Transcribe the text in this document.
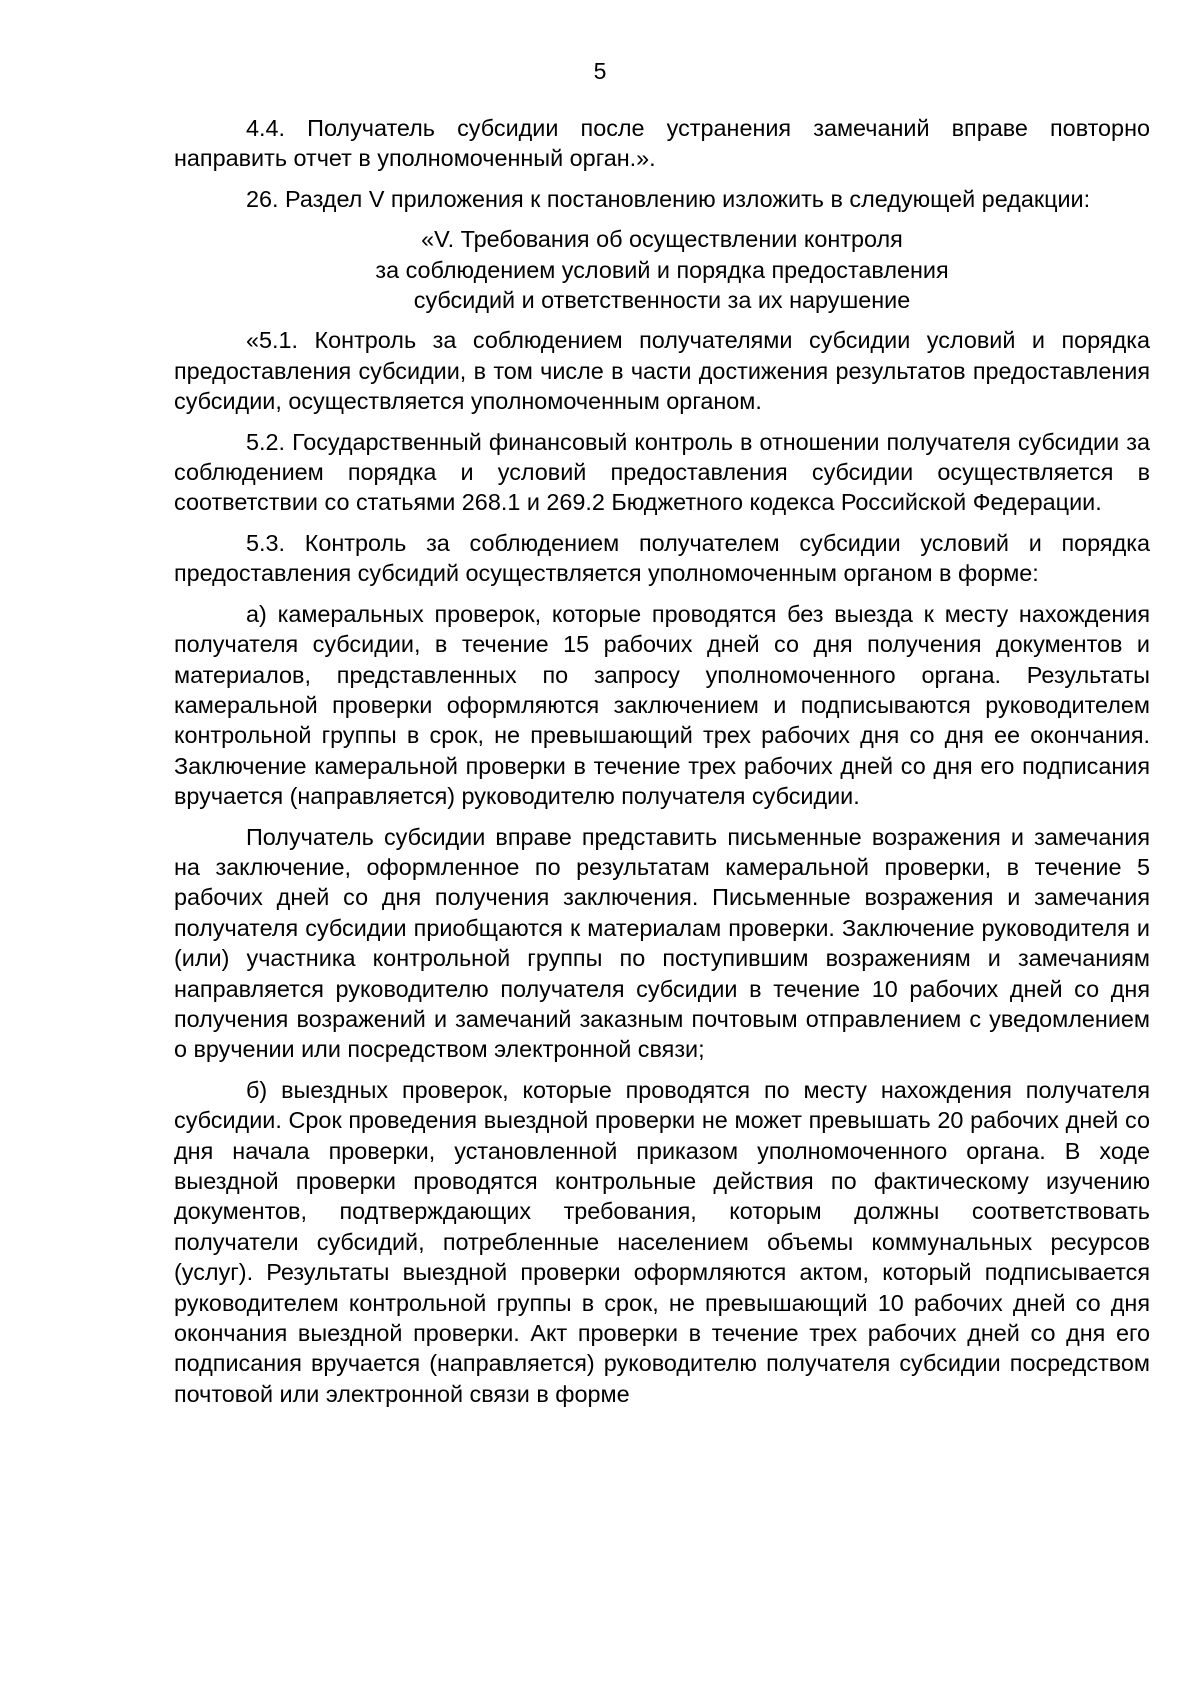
5

4.4. Получатель субсидии после устранения замечаний вправе повторно направить отчет в уполномоченный орган.».

26. Раздел V приложения к постановлению изложить в следующей редакции:

«V. Требования об осуществлении контроля
за соблюдением условий и порядка предоставления
субсидий и ответственности за их нарушение

«5.1. Контроль за соблюдением получателями субсидии условий и порядка предоставления субсидии, в том числе в части достижения результатов предоставления субсидии, осуществляется уполномоченным органом.

5.2. Государственный финансовый контроль в отношении получателя субсидии за соблюдением порядка и условий предоставления субсидии осуществляется в соответствии со статьями 268.1 и 269.2 Бюджетного кодекса Российской Федерации.

5.3. Контроль за соблюдением получателем субсидии условий и порядка предоставления субсидий осуществляется уполномоченным органом в форме:

а) камеральных проверок, которые проводятся без выезда к месту нахождения получателя субсидии, в течение 15 рабочих дней со дня получения документов и материалов, представленных по запросу уполномоченного органа. Результаты камеральной проверки оформляются заключением и подписываются руководителем контрольной группы в срок, не превышающий трех рабочих дня со дня ее окончания. Заключение камеральной проверки в течение трех рабочих дней со дня его подписания вручается (направляется) руководителю получателя субсидии.

Получатель субсидии вправе представить письменные возражения и замечания на заключение, оформленное по результатам камеральной проверки, в течение 5 рабочих дней со дня получения заключения. Письменные возражения и замечания получателя субсидии приобщаются к материалам проверки. Заключение руководителя и (или) участника контрольной группы по поступившим возражениям и замечаниям направляется руководителю получателя субсидии в течение 10 рабочих дней со дня получения возражений и замечаний заказным почтовым отправлением с уведомлением о вручении или посредством электронной связи;

б) выездных проверок, которые проводятся по месту нахождения получателя субсидии. Срок проведения выездной проверки не может превышать 20 рабочих дней со дня начала проверки, установленной приказом уполномоченного органа. В ходе выездной проверки проводятся контрольные действия по фактическому изучению документов, подтверждающих требования, которым должны соответствовать получатели субсидий, потребленные населением объемы коммунальных ресурсов (услуг). Результаты выездной проверки оформляются актом, который подписывается руководителем контрольной группы в срок, не превышающий 10 рабочих дней со дня окончания выездной проверки. Акт проверки в течение трех рабочих дней со дня его подписания вручается (направляется) руководителю получателя субсидии посредством почтовой или электронной связи в форме
